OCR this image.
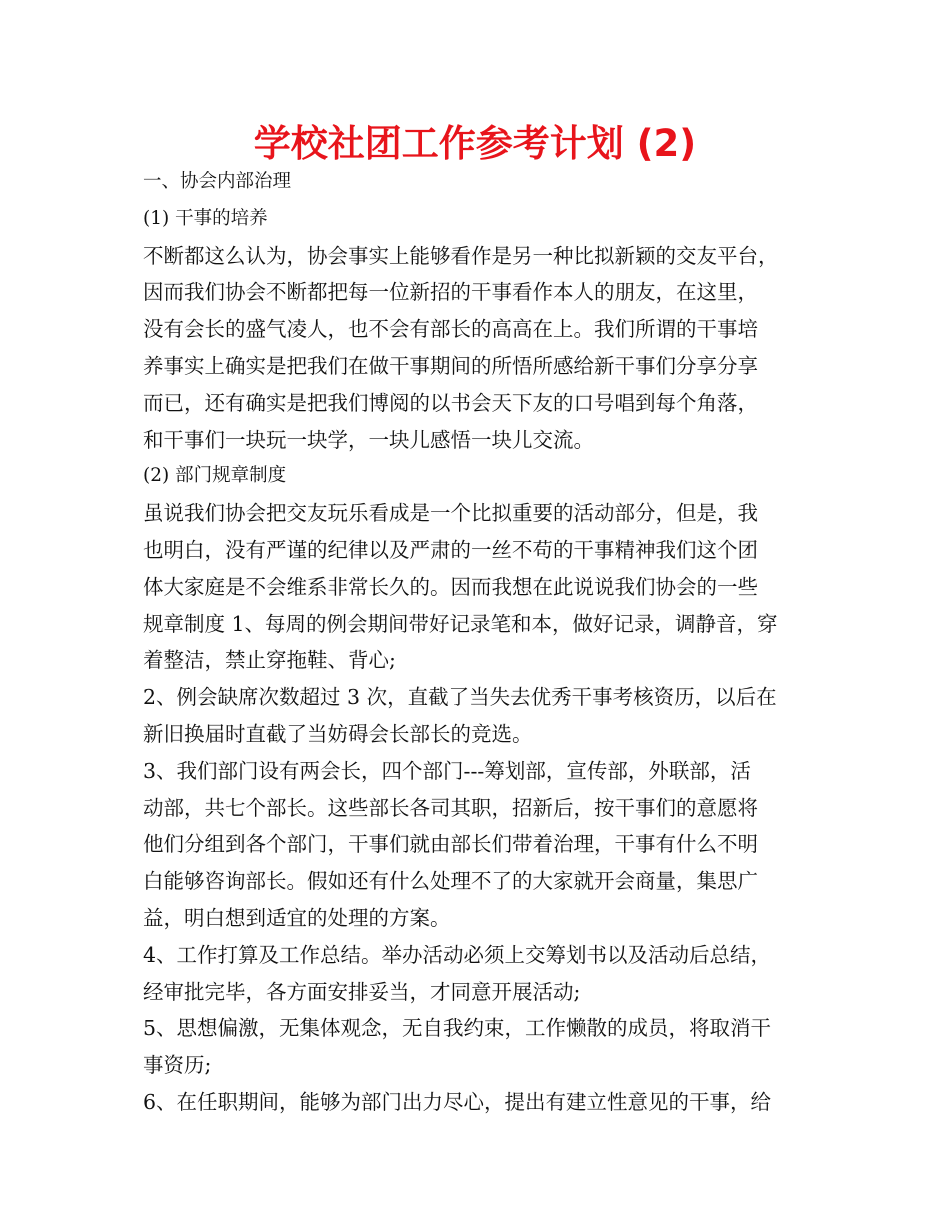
学校社团工作参考计划 (2)
一、协会内部治理
(1) 干事的培养
不断都这么认为，协会事实上能够看作是另一种比拟新颖的交友平台，
因而我们协会不断都把每一位新招的干事看作本人的朋友，在这里，
没有会长的盛气凌人，也不会有部长的高高在上。我们所谓的干事培
养事实上确实是把我们在做干事期间的所悟所感给新干事们分享分享
而已，还有确实是把我们博阅的以书会天下友的口号唱到每个角落，
和干事们一块玩一块学，一块儿感悟一块儿交流。
(2) 部门规章制度
虽说我们协会把交友玩乐看成是一个比拟重要的活动部分，但是，我
也明白，没有严谨的纪律以及严肃的一丝不苟的干事精神我们这个团
体大家庭是不会维系非常长久的。因而我想在此说说我们协会的一些
规章制度 1、每周的例会期间带好记录笔和本，做好记录，调静音，穿
着整洁，禁止穿拖鞋、背心;
2、例会缺席次数超过 3 次，直截了当失去优秀干事考核资历，以后在
新旧换届时直截了当妨碍会长部长的竞选。
3、我们部门设有两会长，四个部门---筹划部，宣传部，外联部，活
动部，共七个部长。这些部长各司其职，招新后，按干事们的意愿将
他们分组到各个部门，干事们就由部长们带着治理，干事有什么不明
白能够咨询部长。假如还有什么处理不了的大家就开会商量，集思广
益，明白想到适宜的处理的方案。
4、工作打算及工作总结。举办活动必须上交筹划书以及活动后总结，
经审批完毕，各方面安排妥当，才同意开展活动;
5、思想偏激，无集体观念，无自我约束，工作懒散的成员，将取消干
事资历;
6、在任职期间，能够为部门出力尽心，提出有建立性意见的干事，给
